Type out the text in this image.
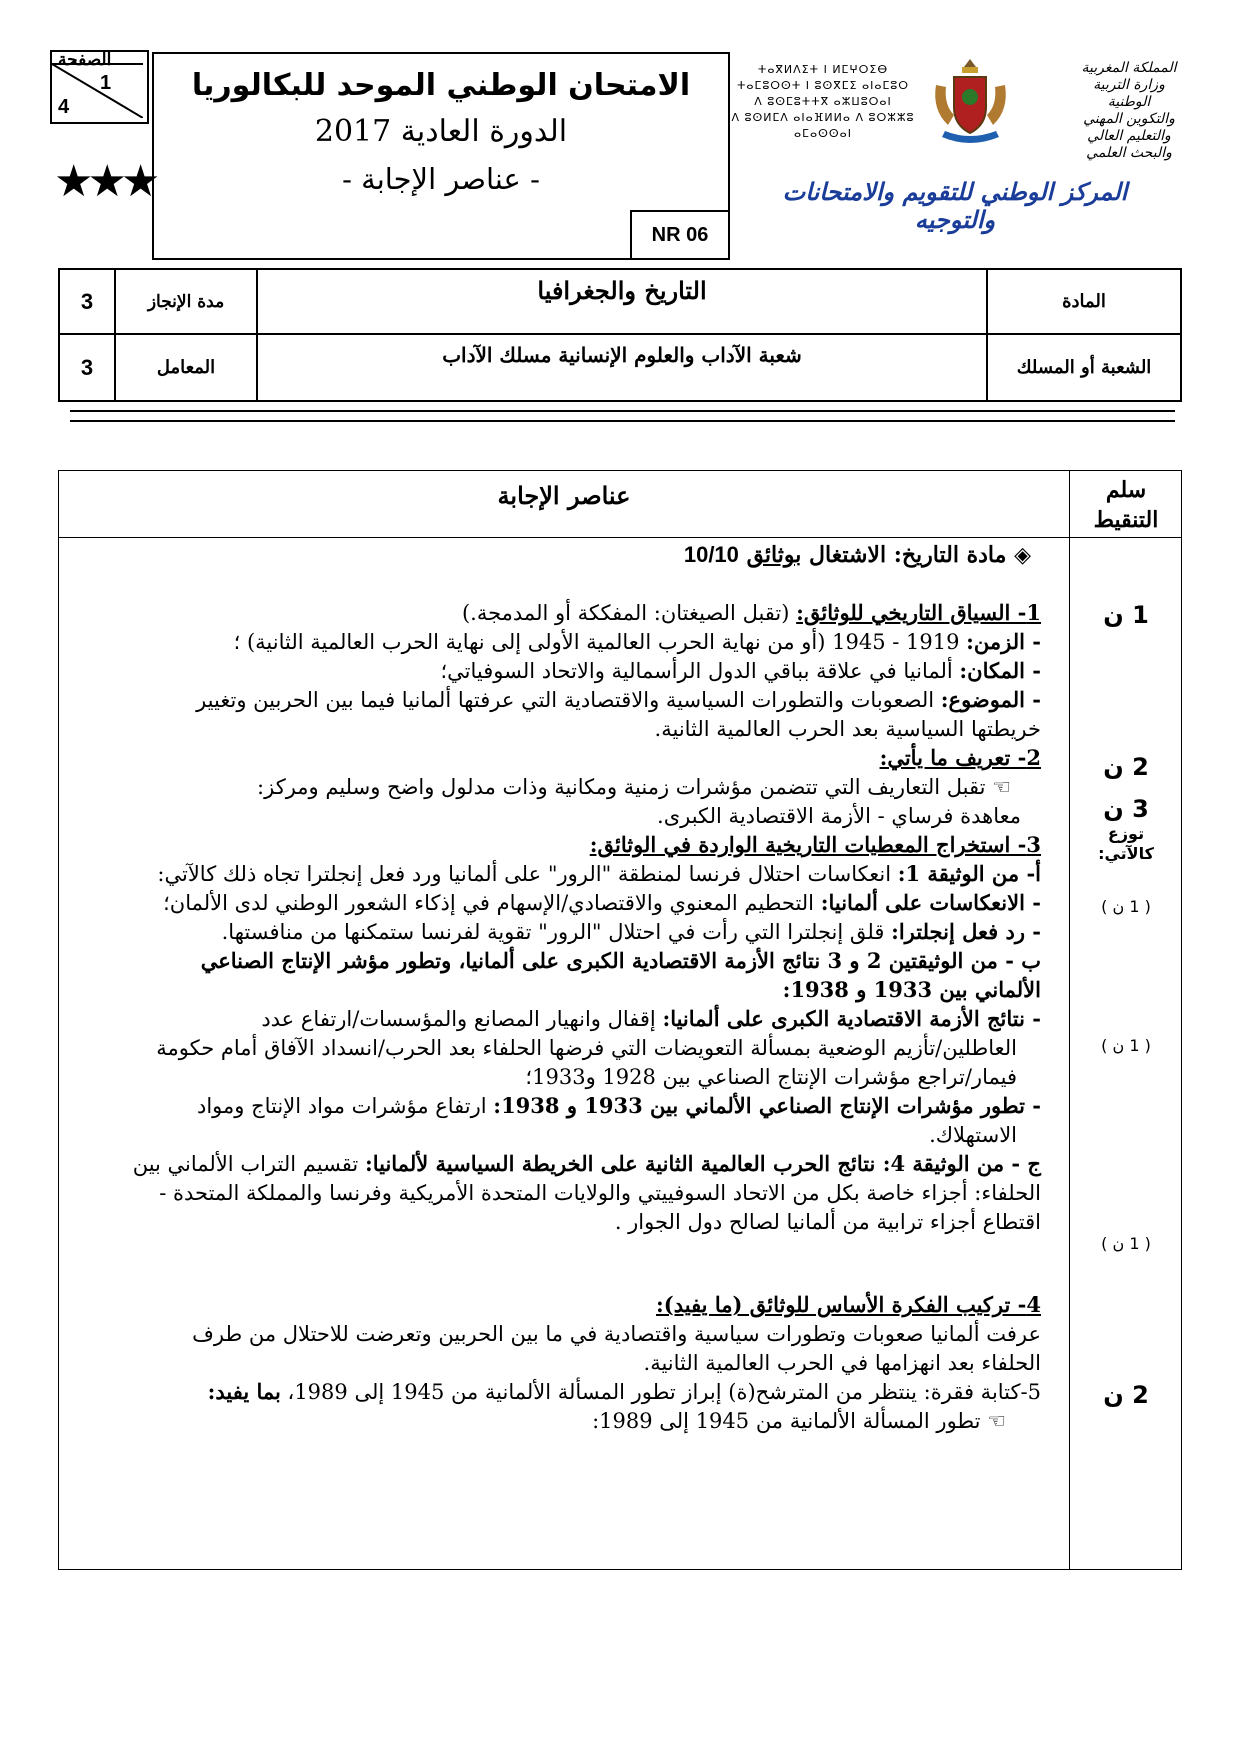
الصفحة
1
4
★★★
الامتحان الوطني الموحد للبكالوريا
الدورة العادية 2017
- عناصر الإجابة -
NR 06
ⵜⴰⴳⵍⴷⵉⵜ ⵏ ⵍⵎⵖⵔⵉⴱ
ⵜⴰⵎⵓⵔⵙⵜ ⵏ ⵓⵙⴳⵎⵉ ⴰⵏⴰⵎⵓⵔ
ⴷ ⵓⵙⵎⵓⵜⵜⴳ ⴰⵣⵡⵓⵔⴰⵏ
ⴷ ⵓⵙⵍⵎⴷ ⴰⵏⴰⴼⵍⵍⴰ ⴷ ⵓⵔⵣⵣⵓ ⴰⵎⴰⵙⵙⴰⵏ
المملكة المغربية
وزارة التربية الوطنية
والتكوين المهني
والتعليم العالي والبحث العلمي
المركز الوطني للتقويم والامتحانات والتوجيه
المادة
التاريخ والجغرافيا
مدة الإنجاز
3
الشعبة أو المسلك
شعبة الآداب والعلوم الإنسانية مسلك الآداب
المعامل
3
عناصر الإجابة	سلم
التنقيط
◈ مادة التاريخ: الاشتغال بوثائق 10/10
1- السياق التاريخي للوثائق: (تقبل الصيغتان: المفككة أو المدمجة.)
- الزمن: 1919 - 1945 (أو من نهاية الحرب العالمية الأولى إلى نهاية الحرب العالمية الثانية) ؛
- المكان: ألمانيا في علاقة بباقي الدول الرأسمالية والاتحاد السوفياتي؛
- الموضوع: الصعوبات والتطورات السياسية والاقتصادية التي عرفتها ألمانيا فيما بين الحربين وتغيير
خريطتها السياسية بعد الحرب العالمية الثانية.
2- تعريف ما يأتي:
☜ تقبل التعاريف التي تتضمن مؤشرات زمنية ومكانية وذات مدلول واضح وسليم ومركز:
معاهدة فرساي - الأزمة الاقتصادية الكبرى.
3- استخراج المعطيات التاريخية الواردة في الوثائق:
أ- من الوثيقة 1: انعكاسات احتلال فرنسا لمنطقة "الرور" على ألمانيا ورد فعل إنجلترا تجاه ذلك كالآتي:
- الانعكاسات على ألمانيا: التحطيم المعنوي والاقتصادي/الإسهام في إذكاء الشعور الوطني لدى الألمان؛
- رد فعل إنجلترا: قلق إنجلترا التي رأت في احتلال "الرور" تقوية لفرنسا ستمكنها من منافستها.
ب - من الوثيقتين 2 و 3 نتائج الأزمة الاقتصادية الكبرى على ألمانيا، وتطور مؤشر الإنتاج الصناعي
الألماني بين 1933 و 1938:
- نتائج الأزمة الاقتصادية الكبرى على ألمانيا: إقفال وانهيار المصانع والمؤسسات/ارتفاع عدد
العاطلين/تأزيم الوضعية بمسألة التعويضات التي فرضها الحلفاء بعد الحرب/انسداد الآفاق أمام حكومة
فيمار/تراجع مؤشرات الإنتاج الصناعي بين 1928 و1933؛
- تطور مؤشرات الإنتاج الصناعي الألماني بين 1933 و 1938: ارتفاع مؤشرات مواد الإنتاج ومواد
الاستهلاك.
ج - من الوثيقة 4: نتائج الحرب العالمية الثانية على الخريطة السياسية لألمانيا: تقسيم التراب الألماني بين
الحلفاء: أجزاء خاصة بكل من الاتحاد السوفييتي والولايات المتحدة الأمريكية وفرنسا والمملكة المتحدة -
اقتطاع أجزاء ترابية من ألمانيا لصالح دول الجوار .
4- تركيب الفكرة الأساس للوثائق (ما يفيد):
عرفت ألمانيا صعوبات وتطورات سياسية واقتصادية في ما بين الحربين وتعرضت للاحتلال من طرف
الحلفاء بعد انهزامها في الحرب العالمية الثانية.
5-كتابة فقرة: ينتظر من المترشح(ة) إبراز تطور المسألة الألمانية من 1945 إلى 1989، بما يفيد:
☜ تطور المسألة الألمانية من 1945 إلى 1989:
1 ن
2 ن
3 ن
توزع
كالآتي:
( 1 ن )
( 1 ن )
( 1 ن )
2 ن
